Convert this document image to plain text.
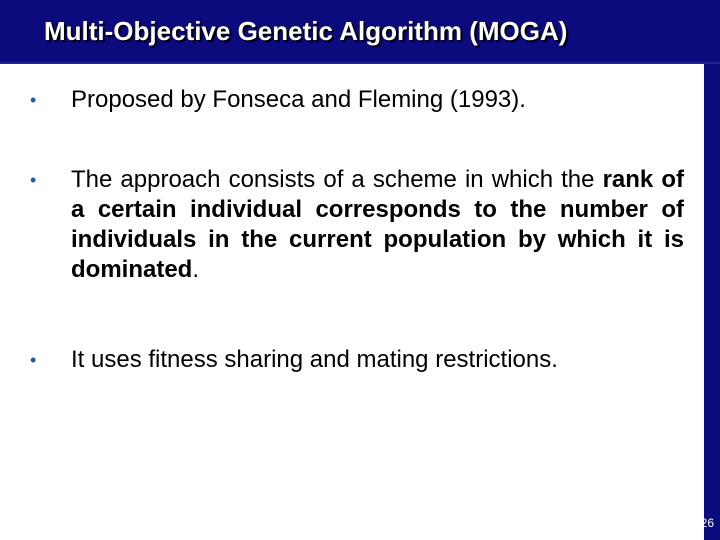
Multi-Objective Genetic Algorithm (MOGA)
• Proposed by Fonseca and Fleming (1993).
• The approach consists of a scheme in which the rank of a certain individual corresponds to the number of individuals in the current population by which it is dominated.
• It uses fitness sharing and mating restrictions.
26
